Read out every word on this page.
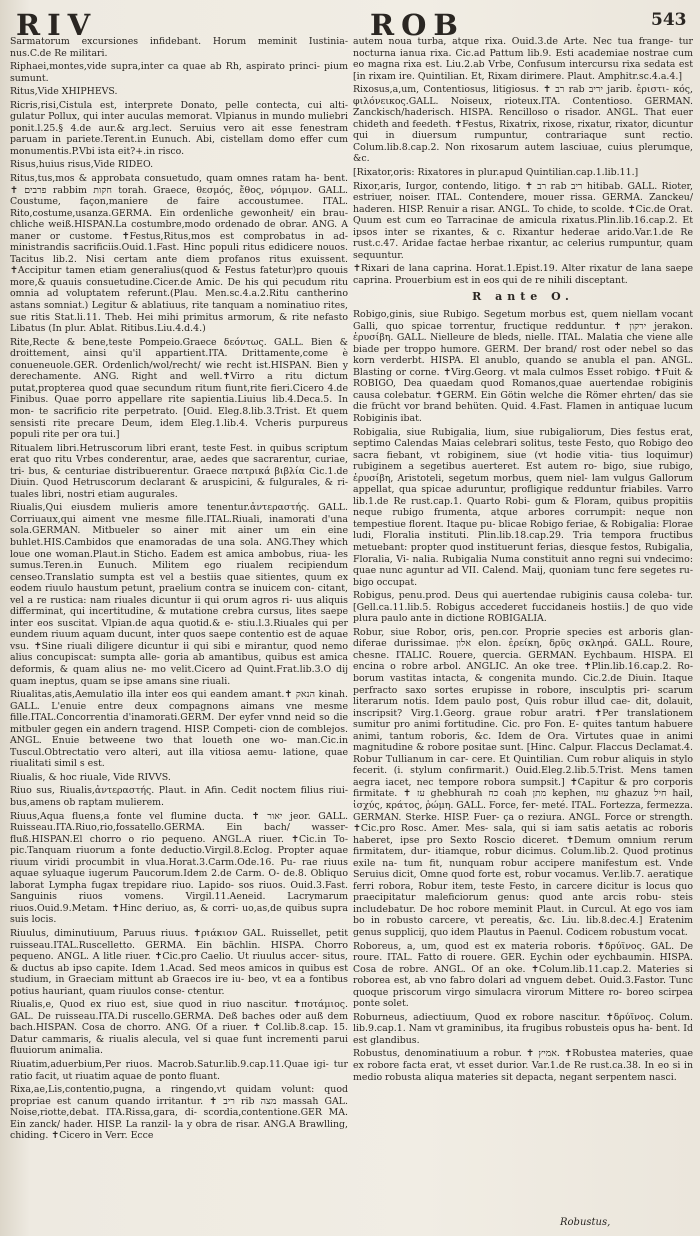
RIV	ROB	543

Sarmatorum excursiones infidebant. Horum meminit Iustinia- nus.C.de Re militari.

Riphaei,montes,vide supra,inter ca quae ab Rh, aspirato princi- pium sumunt.

Ritus,Vide XHIPHEVS.

Ricris,risi,Cistula est, interprete Donato, pelle contecta, cui alti- gulatur Pollux, qui inter auculas memorat. Vlpianus in mundo muliebri ponit.l.25.§ 4.de aur.& arg.lect. Seruius vero ait esse fenestram paruam in pariete.Terent.in Eunuch. Abi, cistellam domo effer cum monumentis.P.Vbi ista eit?+.in risco.

Risus,huius risus,Vide RIDEO.

Ritus,tus,mos & approbata consuetudo, quam omnes ratam ha- bent. ✝ פרבים rabbim חקות torah. Graece, θεσμός, ἔθος, νόμιμον. GALL. Coustume, façon,maniere de faire accoustumee. ITAL. Rito,costume,usanza.GERMA. Ein ordenliche gewonheit/ ein brau- chliche weiß.HISPAN.La costumbre,modo ordenado de obrar. ANG. A maner or custome. ✝Festus,Ritus,mos est comprobatus in ad- ministrandis sacrificiis.Ouid.1.Fast. Hinc populi ritus edidicere nouos. Tacitus lib.2. Nisi certam ante diem profanos ritus exuissent. ✝Accipitur tamen etiam generalius(quod & Festus fatetur)pro quouis more,& quauis consuetudine.Cicer.de Amic. De his qui pecudum ritu omnia ad voluptatem referunt.(Plau. Men.sc.4.a.2.Ritu cantherino astans somniat.) Legitur & ablatiuus, rite tanquam a nominatiuo rites, sue ritis Stat.li.11. Theb. Hei mihi primitus armorum, & rite nefasto Libatus (In plur. Ablat. Ritibus.Liu.4.d.4.)

Rite,Recte & bene,teste Pompeio.Graece δεόντως. GALL. Bien & droittement, ainsi qu'il appartient.ITA. Drittamente,come è conueneuole.GER. Ordenlich/wol/recht/ wie recht ist.HISPAN. Bien y derechamente. ANG. Right and well.✝Virro a ritu dictum putat,propterea quod quae secundum ritum fiunt,rite fieri.Cicero 4.de Finibus. Quae porro appellare rite sapientia.Liuius lib.4.Deca.5. In mon- te sacrificio rite perpetrato. [Ouid. Eleg.8.lib.3.Trist. Et quem sensisti rite precare Deum, idem Eleg.1.lib.4. Vcheris purpureus populi rite per ora tui.]

Ritualem libri.Hetruscorum libri erant, teste Fest. in quibus scriptum erat quo ritu Vrbes conderentur, arae, aedes que sacrarentur, curiae, tri- bus, & centuriae distribuerentur. Graece πατρικά βιβλία Cic.1.de Diuin. Quod Hetruscorum declarant & aruspicini, & fulgurales, & ri- tuales libri, nostri etiam augurales.

Riualis,Qui eiusdem mulieris amore tenentur.ἀντεραστής. GALL. Corriuaux,qui aiment vne mesme fille.ITAL.Riuali, inamorati d'una sola.GERMAN. Mitbueler so ainer mit ainer um ein eine buhlet.HIS.Cambidos que enamoradas de una sola. ANG.They which loue one woman.Plaut.in Sticho. Eadem est amica ambobus, riua- les sumus.Teren.in Eunuch. Militem ego riualem recipiendum censeo.Translatio sumpta est vel a bestiis quae sitientes, quum ex eodem riuulo haustum petunt, praelium contra se inuicem con- citant, vel a re rustica: nam riuales dicuntur ii qui orum agros ri- uus aliquis differminat, qui incertitudine, & mutatione crebra cursus, lites saepe inter eos suscitat. Vlpian.de aqua quotid.& e- stiu.l.3.Riuales qui per eundem riuum aquam ducunt, inter quos saepe contentio est de aquae vsu. ✝Sine riuali diligere dicuntur ii qui sibi e mirantur, quod nemo alius concupiscat: sumpta alle- goria ab amantibus, quibus est amica deformis, & quam alius ne- mo velit.Cicero ad Quint.Frat.lib.3.O dij quam ineptus, quam se ipse amans sine riuali.

Riualitas,atis,Aemulatio illa inter eos qui eandem amant.✝ הנאק kinah. GALL. L'enuie entre deux compagnons aimans vne mesme fille.ITAL.Concorrentia d'inamorati.GERM. Der eyfer vnnd neid so die mitbuler gegen ein andern tragend. HISP. Competi- cion de comblejos. ANGL. Enuie betweene two that loueth one wo- man.Cic.in Tuscul.Obtrectatio vero alteri, aut illa vitiosa aemu- latione, quae riualitati simil s est.

Riualis, & hoc riuale, Vide RIVVS.

Riuo sus, Riualis,ἀντεραστής. Plaut. in Afin. Cedit noctem filius riui- bus,amens ob raptam mulierem.

Riuus,Aqua fluens,a fonte vel flumine ducta. ✝ יאור jeor. GALL. Ruisseau.ITA.Riuo,rio,fossatello.GERMA. Ein bach/ wasser- fluß.HISPAN.El chorro o rio pequeno. ANGL.A riuer. ✝Cic.in To- pic.Tanquam riuorum a fonte deductio.Virgil.8.Eclog. Propter aquae riuum viridi procumbit in vlua.Horat.3.Carm.Ode.16. Pu- rae riuus aquae syluaque iugerum Paucorum.Idem 2.de Carm. O- de.8. Obliquo laborat Lympha fugax trepidare riuo. Lapido- sos riuos. Ouid.3.Fast. Sanguinis riuos vomens. Virgil.11.Aeneid. Lacrymarum riuos.Ouid.9.Metam. ✝Hinc deriuo, as, & corri- uo,as,de quibus supra suis locis.

Riuulus, diminutiuum, Paruus riuus. ✝ριάκιον GAL. Ruissellet, petit ruisseau.ITAL.Ruscelletto. GERMA. Ein bächlin. HISPA. Chorro pequeno. ANGL. A litle riuer. ✝Cic.pro Caelio. Ut riuulus accer- situs, & ductus ab ipso capite. Idem 1.Acad. Sed meos amicos in quibus est studium, in Graeciam mittunt ab Graecos ire iu- beo, vt ea a fontibus potius hauriant, quam riuulos conse- ctentur.

Riualis,e, Quod ex riuo est, siue quod in riuo nascitur. ✝ποτάμιος. GAL. De ruisseau.ITA.Di ruscello.GERMA. Deß baches oder auß dem bach.HISPAN. Cosa de chorro. ANG. Of a riuer. ✝ Col.lib.8.cap. 15. Datur cammaris, & riualis alecula, vel si quae funt incrementi parui fluuiorum animalia.

Riuatim,aduerbium,Per riuos. Macrob.Satur.lib.9.cap.11.Quae igi- tur ratio facit, ut riuatim aquae de ponto fluant.

Rixa,ae,Lis,contentio,pugna, a ringendo,vt quidam volunt: quod propriae est canum quando irritantur. ✝ ריב rib מצה massah GAL. Noise,riotte,debat. ITA.Rissa,gara, di- scordia,contentione.GER MA. Ein zanck/ hader. HISP. La ranzil- la y obra de risar. ANG.A Brawlling, chiding. ✝Cicero in Verr. Ecce

autem noua turba, atque rixa. Ouid.3.de Arte. Nec tua frange- tur nocturna ianua rixa. Cic.ad Pattum lib.9. Esti academiae nostrae cum eo magna rixa est. Liu.2.ab Vrbe, Confusum intercursu rixa sedata est [in rixam ire. Quintilian. Et, Rixam dirimere. Plaut. Amphitr.sc.4.a.4.]

Rixosus,a,um, Contentiosus, litigiosus. ✝ רב rab יריב jarib. ἐριστι- κός, φιλόνεικος.GALL. Noiseux, rioteux.ITA. Contentioso. GERMAN. Zanckisch/haderisch. HISPA. Rencilloso o risador. ANGL. That euer chideth and feedeth. ✝Festus, Rixatrix, rixose, rixatur, rixator, dicuntur qui in diuersum rumpuntur, contrariaque sunt rectio. Colum.lib.8.cap.2. Non rixosarum autem lasciuae, cuius plerumque, &c.

[Rixator,oris: Rixatores in plur.apud Quintilian.cap.1.lib.11.]

Rixor,aris, Iurgor, contendo, litigo. ✝ רב rab ריב hitibab. GALL. Rioter, estriuer, noiser. ITAL. Contendere, mouer rissa. GERMA. Zanckeu/ haderen. HISP. Renuir a risar. ANGL. To chide, to scolde. ✝Cic.de Orat. Quum est cum eo Tarracinae de amicula rixatus.Plin.lib.16.cap.2. Et ipsos inter se rixantes, & c. Rixantur hederae arido.Var.1.de Re rust.c.47. Aridae factae herbae rixantur, ac celerius rumpuntur, quam sequuntur.

✝Rixari de lana caprina. Horat.1.Epist.19. Alter rixatur de lana saepe caprina. Prouerbium est in eos qui de re nihili disceptant.

R ante O.

Robigo,ginis, siue Rubigo. Segetum morbus est, quem niellam vocant Galli, quo spicae torrentur, fructique redduntur. ✝ ירקון jerakon. ἐρυσίβη. GALL. Nielleure de bleds, nielle. ITAL. Malatia che viene alle biade per troppo humore. GERM. Der brand/ rost oder nebel so das korn verderbt. HISPA. El anublo, quando se anubla el pan. ANGL. Blasting or corne. ✝Virg.Georg. vt mala culmos Esset robigo. ✝Fuit & ROBIGO, Dea quaedam quod Romanos,quae auertendae robiginis causa colebatur. ✝GERM. Ein Götin welche die Römer ehrten/ das sie die frücht vor brand behüten. Quid. 4.Fast. Flamen in antiquae lucum Robiginis ibat.

Robigalia, siue Rubigalia, lium, siue rubigaliorum, Dies festus erat, septimo Calendas Maias celebrari solitus, teste Festo, quo Robigo deo sacra fiebant, vt robiginem, siue (vt hodie vitia- tius loquimur) rubiginem a segetibus auerteret. Est autem ro- bigo, siue rubigo, ἐρυσίβη, Aristoteli, segetum morbus, quem niel- lam vulgus Gallorum appellat, qua spicae aduruntur, profligique redduntur friabiles. Varro lib.1.de Re rust.cap.1. Quarto Robi- gum & Floram, quibus propitiis neque rubigo frumenta, atque arbores corrumpit: neque non tempestiue florent. Itaque pu- blicae Robigo feriae, & Robigalia: Florae ludi, Floralia instituti. Plin.lib.18.cap.29. Tria tempora fructibus metuebant: propter quod instituerunt ferias, diesque festos, Rubigalia, Floralia, Vi- nalia. Rubigalia Numa constituit anno regni sui vndecimo: quae nunc aguntur ad VII. Calend. Maij, quoniam tunc fere segetes ru- bigo occupat.

Robigus, penu.prod. Deus qui auertendae rubiginis causa coleba- tur. [Gell.ca.11.lib.5. Robigus accederet fuccidaneis hostiis.] de quo vide plura paulo ante in dictione ROBIGALIA.

Robur, siue Robor, oris, pen.cor. Proprie species est arboris glan- diferae durissimae. אלון elon. ἐρείκη, δρῦς σκληρά. GALL. Roure, chesne. ITALIC. Rouere, quercia. GERMAN. Eychbaum. HISPA. El encina o robre arbol. ANGLIC. An oke tree. ✝Plin.lib.16.cap.2. Ro- borum vastitas intacta, & congenita mundo. Cic.2.de Diuin. Itaque perfracto saxo sortes erupisse in robore, insculptis pri- scarum literarum notis. Idem paulo post, Quis robur illud cae- dit, dolauit, inscripsit? Virg.1.Georg. graue robur aratri. ✝Per translationem sumitur pro animi fortitudine. Cic. pro Fon. E- quites tantum habuere animi, tantum roboris, &c. Idem de Ora. Virtutes quae in animi magnitudine & robore positae sunt. [Hinc. Calpur. Flaccus Declamat.4. Robur Tullianum in car- cere. Et Quintilian. Cum robur aliquis in stylo fecerit. (i. stylum confirmarit.) Ouid.Eleg.2.lib.5.Trist. Mens tamen aegra iacet, nec tempore robora sumpsit.] ✝Capitur & pro corporis firmitate. ✝ עז ghebhurah כח coah מתן kephen, עזוז ghazuz חיל hail, ἰσχύς, κράτος, ῥώμη. GALL. Force, fer- meté. ITAL. Fortezza, fermezza. GERMAN. Sterke. HISP. Fuer- ça o reziura. ANGL. Force or strength. ✝Cic.pro Rosc. Amer. Mes- sala, qui si iam satis aetatis ac roboris haberet, ipse pro Sexto Roscio diceret. ✝Demum omnium rerum firmitatem, dur- itiamque, robur dicimus. Colum.lib.2. Quod protinus exile na- tum fit, nunquam robur accipere manifestum est. Vnde Seruius dicit, Omne quod forte est, robur vocamus. Ver.lib.7. aeratique ferri robora, Robur item, teste Festo, in carcere dicitur is locus quo praecipitatur maleficiorum genus: quod ante arcis robu- steis includebatur. De hoc robore meminit Plaut. in Curcul. At ego vos iam bo in robusto carcere, vt pereatis, &c. Liu. lib.8.dec.4.] Eratenim genus supplicij, quo idem Plautus in Paenul. Codicem robustum vocat.

Roboreus, a, um, quod est ex materia roboris. ✝δρύϊνος. GAL. De roure. ITAL. Fatto di rouere. GER. Eychin oder eychbaumin. HISPA. Cosa de robre. ANGL. Of an oke. ✝Colum.lib.11.cap.2. Materies si roborea est, ab vno fabro dolari ad vnguem debet. Ouid.3.Fastor. Tunc quoque priscorum virgo simulacra virorum Mittere ro- boreo scirpea ponte solet.

Roburneus, adiectiuum, Quod ex robore nascitur. ✝δρύϊνος. Colum. lib.9.cap.1. Nam vt graminibus, ita frugibus robusteis opus ha- bent. Id est glandibus.

Robustus, denominatiuum a robur. ✝ אמיץ. ✝Robustea materies, quae ex robore facta erat, vt esset durior. Var.1.de Re rust.ca.38. In eo si in medio robusta aliqua materies sit depacta, negant serpentem nasci.

Robustus,
